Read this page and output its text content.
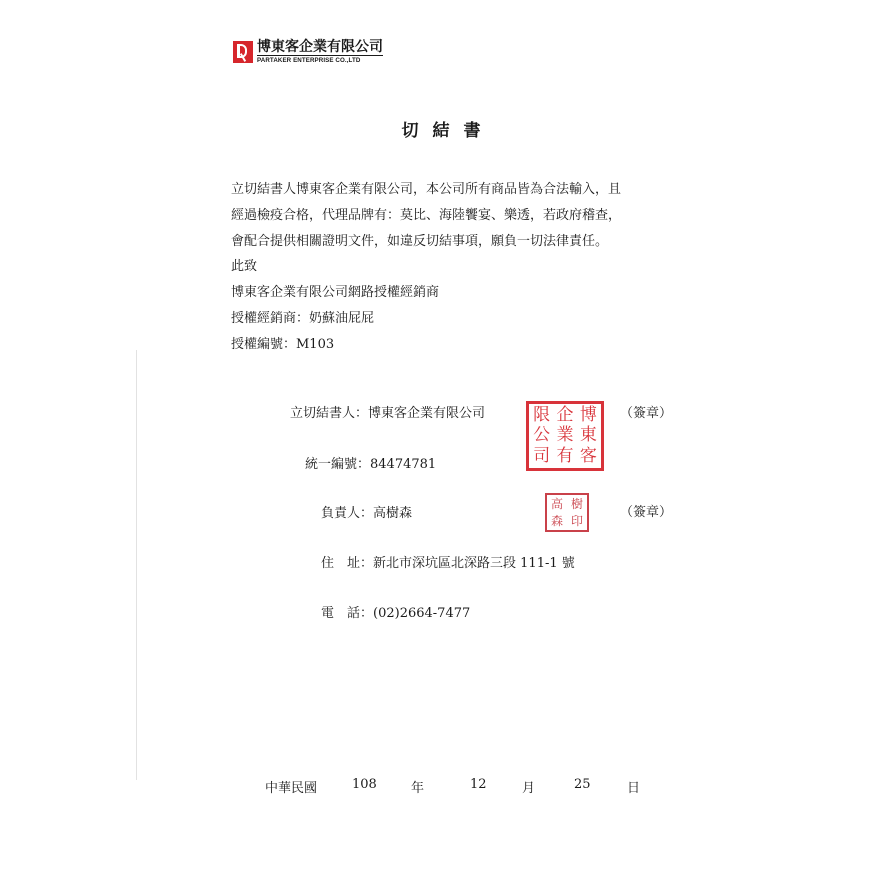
博東客企業有限公司
PARTAKER ENTERPRISE CO.,LTD
切結書

立切結書人博東客企業有限公司，本公司所有商品皆為合法輸入，且

經過檢疫合格，代理品牌有：莫比、海陸饗宴、樂透，若政府稽查，

會配合提供相關證明文件，如違反切結事項，願負一切法律責任。

此致

博東客企業有限公司網路授權經銷商

授權經銷商：奶蘇油屁屁

授權編號：M103

立切結書人：博東客企業有限公司	限 企 博
公 業 東
司 有 客
（簽章）
統一編號：84474781
負責人：高樹森
高 樹
森 印
（簽章）
住　址：新北市深坑區北深路三段 111-1 號
電　話：(02)2664-7477
中華民國	108	年	12	月	25	日
